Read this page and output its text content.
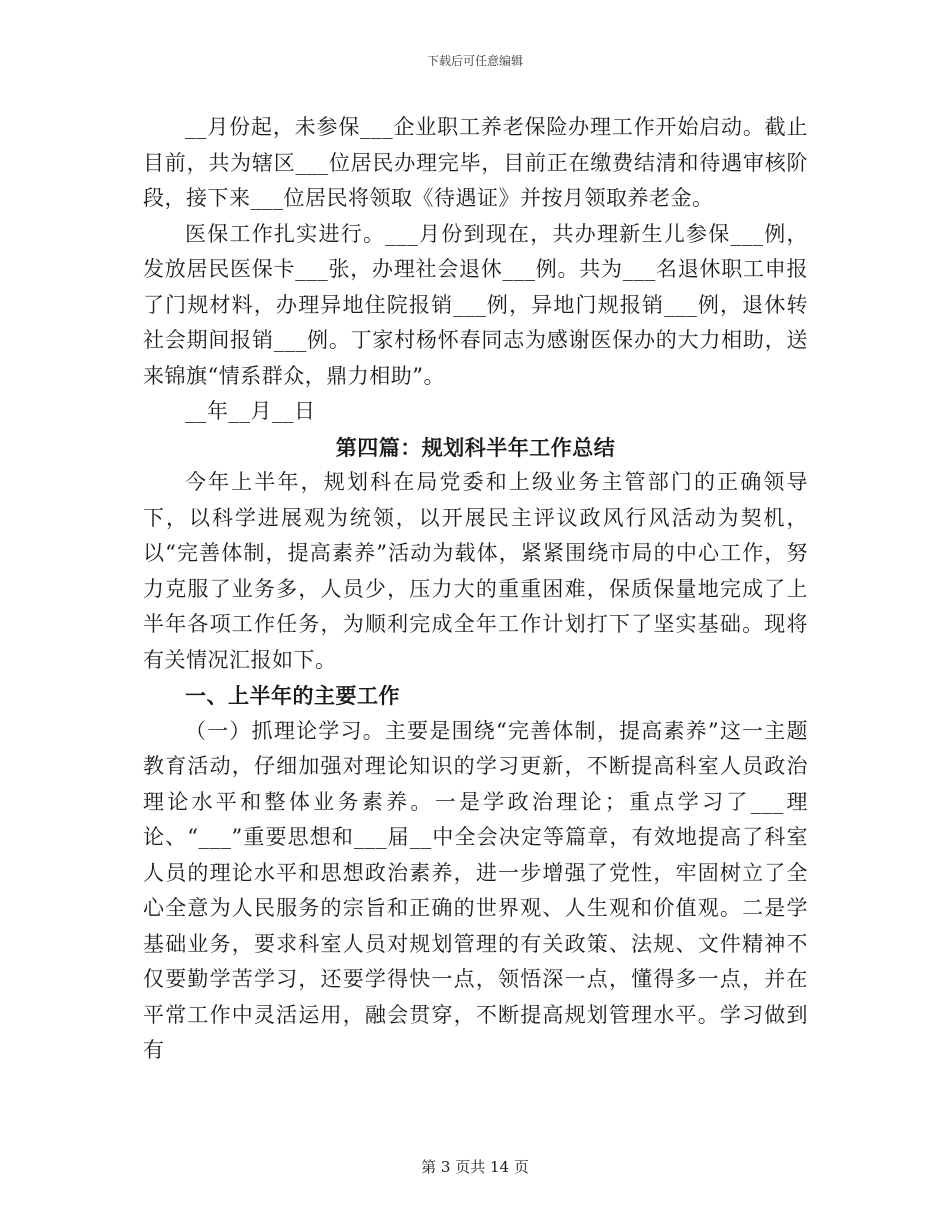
下载后可任意编辑

__月份起，未参保___企业职工养老保险办理工作开始启动。截止目前，共为辖区___位居民办理完毕，目前正在缴费结清和待遇审核阶段，接下来___位居民将领取《待遇证》并按月领取养老金。

医保工作扎实进行。___月份到现在，共办理新生儿参保___例，发放居民医保卡___张，办理社会退休___例。共为___名退休职工申报了门规材料，办理异地住院报销___例，异地门规报销___例，退休转社会期间报销___例。丁家村杨怀春同志为感谢医保办的大力相助，送来锦旗“情系群众，鼎力相助”。

__年__月__日

第四篇：规划科半年工作总结

今年上半年，规划科在局党委和上级业务主管部门的正确领导下，以科学进展观为统领，以开展民主评议政风行风活动为契机，以“完善体制，提高素养”活动为载体，紧紧围绕市局的中心工作，努力克服了业务多，人员少，压力大的重重困难，保质保量地完成了上半年各项工作任务，为顺利完成全年工作计划打下了坚实基础。现将有关情况汇报如下。

一、上半年的主要工作

（一）抓理论学习。主要是围绕“完善体制，提高素养”这一主题教育活动，仔细加强对理论知识的学习更新，不断提高科室人员政治理论水平和整体业务素养。一是学政治理论；重点学习了___理论、“___”重要思想和___届__中全会决定等篇章，有效地提高了科室人员的理论水平和思想政治素养，进一步增强了党性，牢固树立了全心全意为人民服务的宗旨和正确的世界观、人生观和价值观。二是学基础业务，要求科室人员对规划管理的有关政策、法规、文件精神不仅要勤学苦学习，还要学得快一点，领悟深一点，懂得多一点，并在平常工作中灵活运用，融会贯穿，不断提高规划管理水平。学习做到有

第 3 页共 14 页
